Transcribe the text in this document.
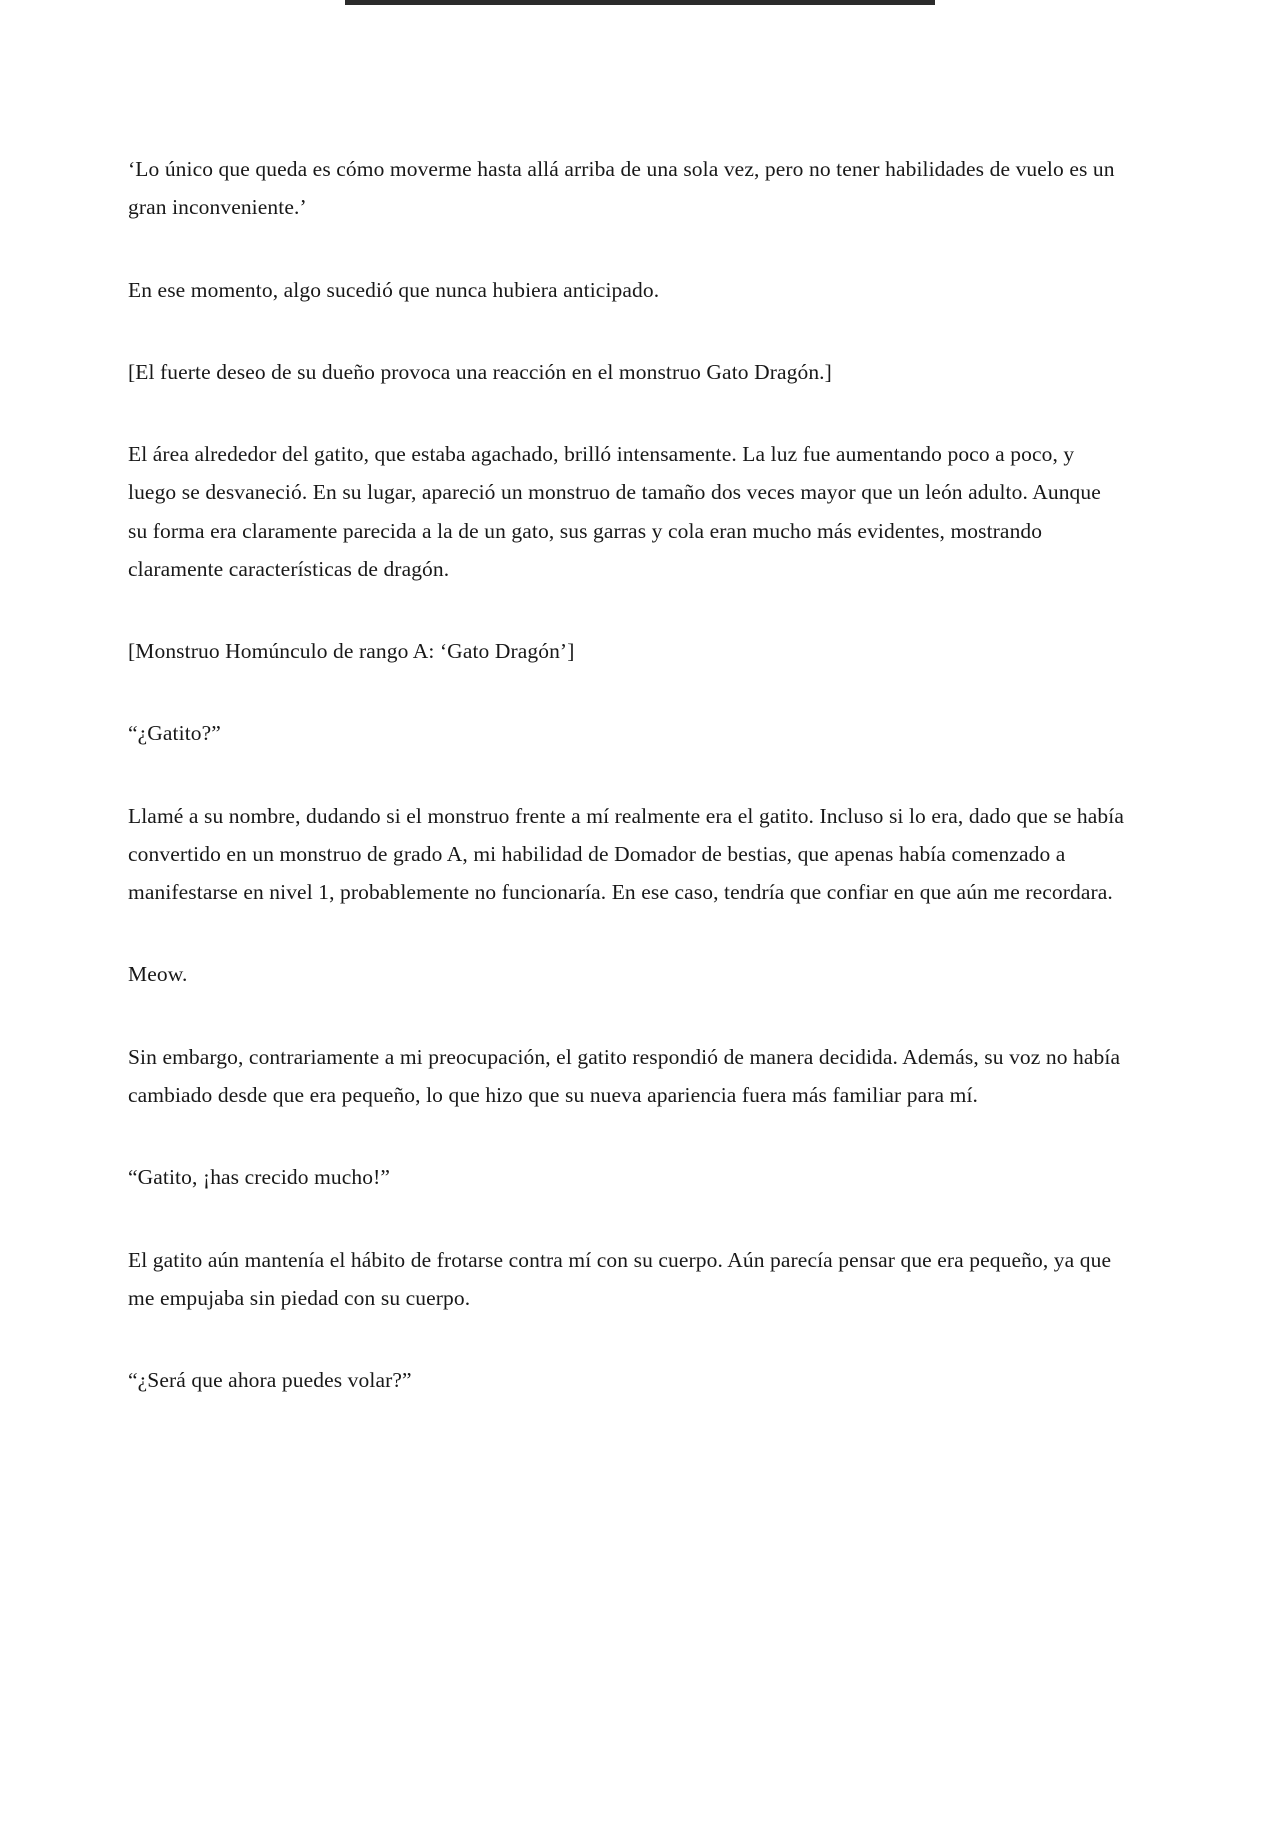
‘Lo único que queda es cómo moverme hasta allá arriba de una sola vez, pero no tener habilidades de vuelo es un gran inconveniente.’

En ese momento, algo sucedió que nunca hubiera anticipado.

[El fuerte deseo de su dueño provoca una reacción en el monstruo Gato Dragón.]

El área alrededor del gatito, que estaba agachado, brilló intensamente. La luz fue aumentando poco a poco, y luego se desvaneció. En su lugar, apareció un monstruo de tamaño dos veces mayor que un león adulto. Aunque su forma era claramente parecida a la de un gato, sus garras y cola eran mucho más evidentes, mostrando claramente características de dragón.

[Monstruo Homúnculo de rango A: ‘Gato Dragón’]

“¿Gatito?”

Llamé a su nombre, dudando si el monstruo frente a mí realmente era el gatito. Incluso si lo era, dado que se había convertido en un monstruo de grado A, mi habilidad de Domador de bestias, que apenas había comenzado a manifestarse en nivel 1, probablemente no funcionaría. En ese caso, tendría que confiar en que aún me recordara.

Meow.

Sin embargo, contrariamente a mi preocupación, el gatito respondió de manera decidida. Además, su voz no había cambiado desde que era pequeño, lo que hizo que su nueva apariencia fuera más familiar para mí.

“Gatito, ¡has crecido mucho!”

El gatito aún mantenía el hábito de frotarse contra mí con su cuerpo. Aún parecía pensar que era pequeño, ya que me empujaba sin piedad con su cuerpo.

“¿Será que ahora puedes volar?”
